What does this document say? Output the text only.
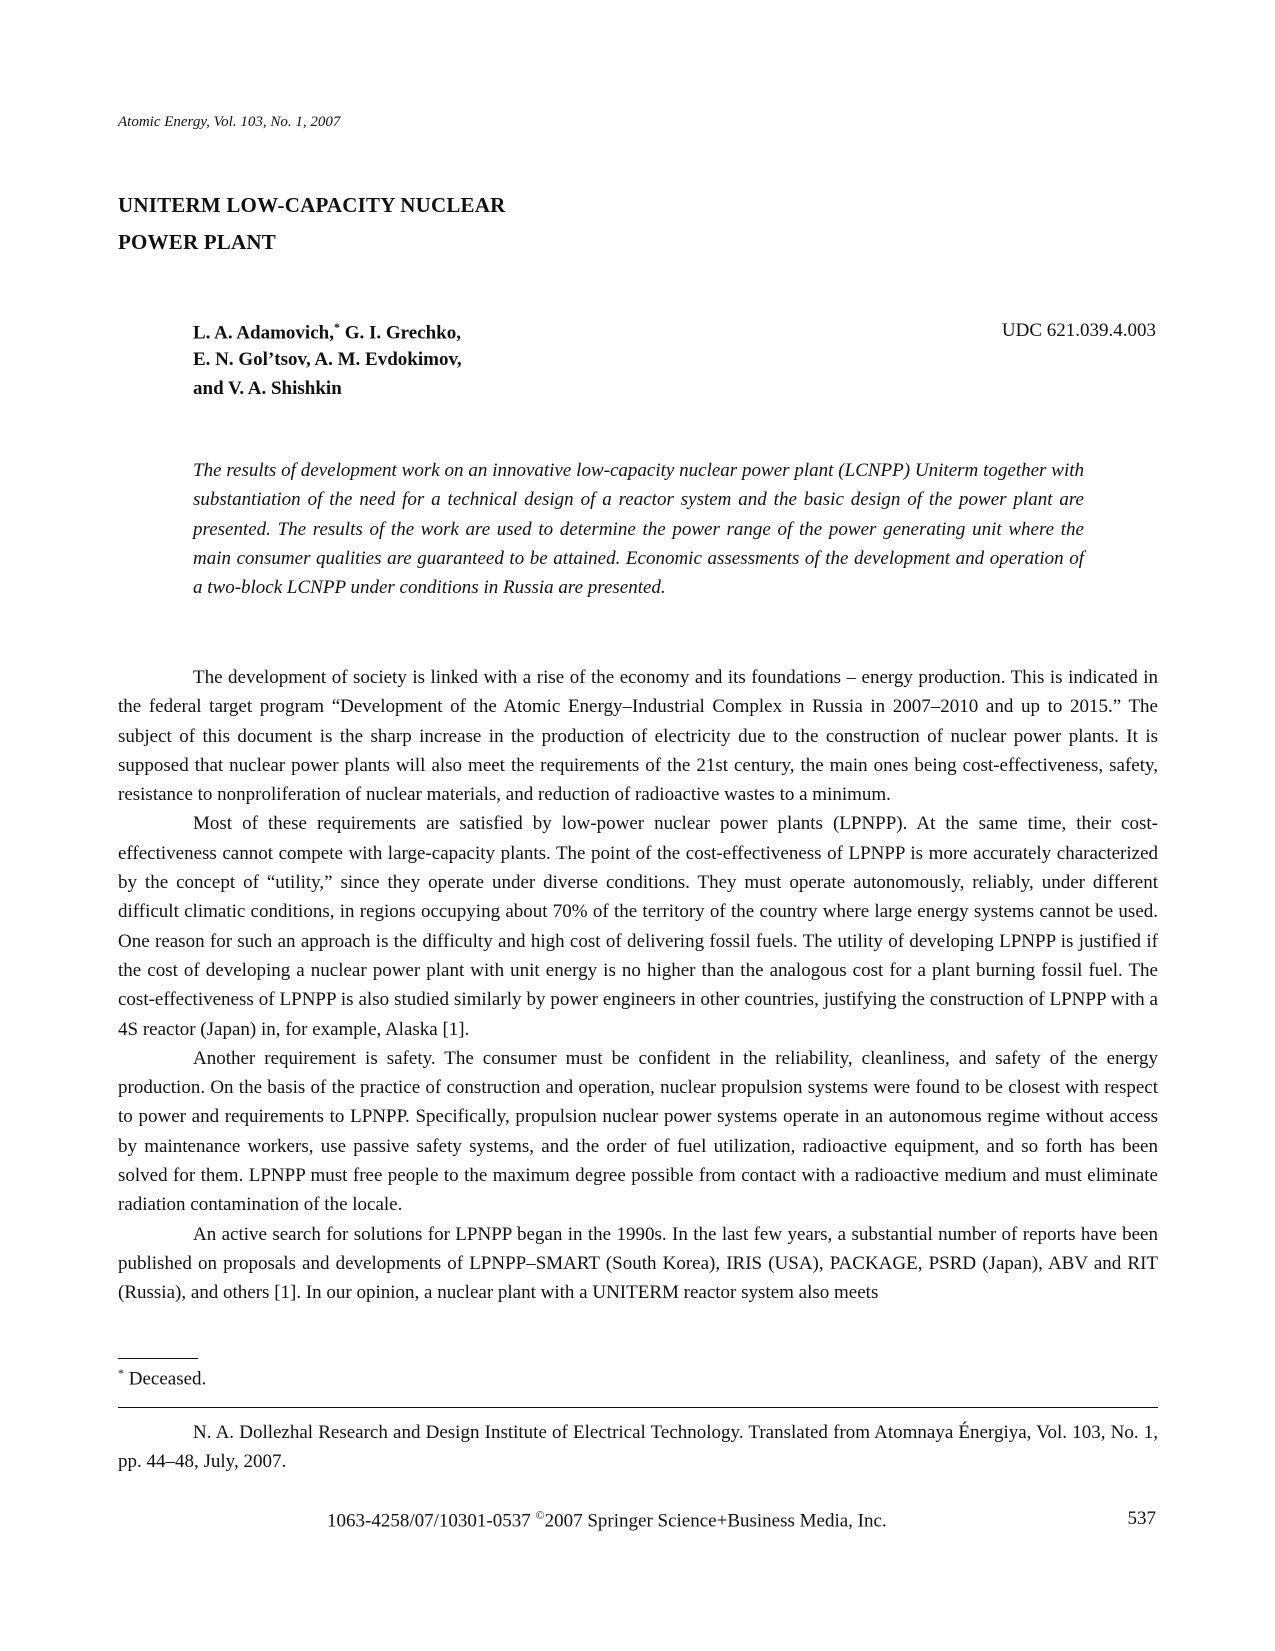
Atomic Energy, Vol. 103, No. 1, 2007
UNITERM LOW-CAPACITY NUCLEAR
POWER PLANT
L. A. Adamovich,* G. I. Grechko,
E. N. Gol’tsov, A. M. Evdokimov,
and V. A. Shishkin
UDC 621.039.4.003
The results of development work on an innovative low-capacity nuclear power plant (LCNPP) Uniterm together with substantiation of the need for a technical design of a reactor system and the basic design of the power plant are presented. The results of the work are used to determine the power range of the power generating unit where the main consumer qualities are guaranteed to be attained. Economic assessments of the development and operation of a two-block LCNPP under conditions in Russia are presented.

The development of society is linked with a rise of the economy and its foundations – energy production. This is indicated in the federal target program “Development of the Atomic Energy–Industrial Complex in Russia in 2007–2010 and up to 2015.” The subject of this document is the sharp increase in the production of electricity due to the construction of nuclear power plants. It is supposed that nuclear power plants will also meet the requirements of the 21st century, the main ones being cost-effectiveness, safety, resistance to nonproliferation of nuclear materials, and reduction of radioactive wastes to a minimum.

Most of these requirements are satisfied by low-power nuclear power plants (LPNPP). At the same time, their cost-effectiveness cannot compete with large-capacity plants. The point of the cost-effectiveness of LPNPP is more accurately characterized by the concept of “utility,” since they operate under diverse conditions. They must operate autonomously, reliably, under different difficult climatic conditions, in regions occupying about 70% of the territory of the country where large energy systems cannot be used. One reason for such an approach is the difficulty and high cost of delivering fossil fuels. The utility of developing LPNPP is justified if the cost of developing a nuclear power plant with unit energy is no higher than the analogous cost for a plant burning fossil fuel. The cost-effectiveness of LPNPP is also studied similarly by power engineers in other countries, justifying the construction of LPNPP with a 4S reactor (Japan) in, for example, Alaska [1].

Another requirement is safety. The consumer must be confident in the reliability, cleanliness, and safety of the energy production. On the basis of the practice of construction and operation, nuclear propulsion systems were found to be closest with respect to power and requirements to LPNPP. Specifically, propulsion nuclear power systems operate in an autonomous regime without access by maintenance workers, use passive safety systems, and the order of fuel utilization, radioactive equipment, and so forth has been solved for them. LPNPP must free people to the maximum degree possible from contact with a radioactive medium and must eliminate radiation contamination of the locale.

An active search for solutions for LPNPP began in the 1990s. In the last few years, a substantial number of reports have been published on proposals and developments of LPNPP–SMART (South Korea), IRIS (USA), PACKAGE, PSRD (Japan), ABV and RIT (Russia), and others [1]. In our opinion, a nuclear plant with a UNITERM reactor system also meets

* Deceased.
N. A. Dollezhal Research and Design Institute of Electrical Technology. Translated from Atomnaya Énergiya, Vol. 103, No. 1, pp. 44–48, July, 2007.
1063-4258/07/10301-0537 ©2007 Springer Science+Business Media, Inc.	537
